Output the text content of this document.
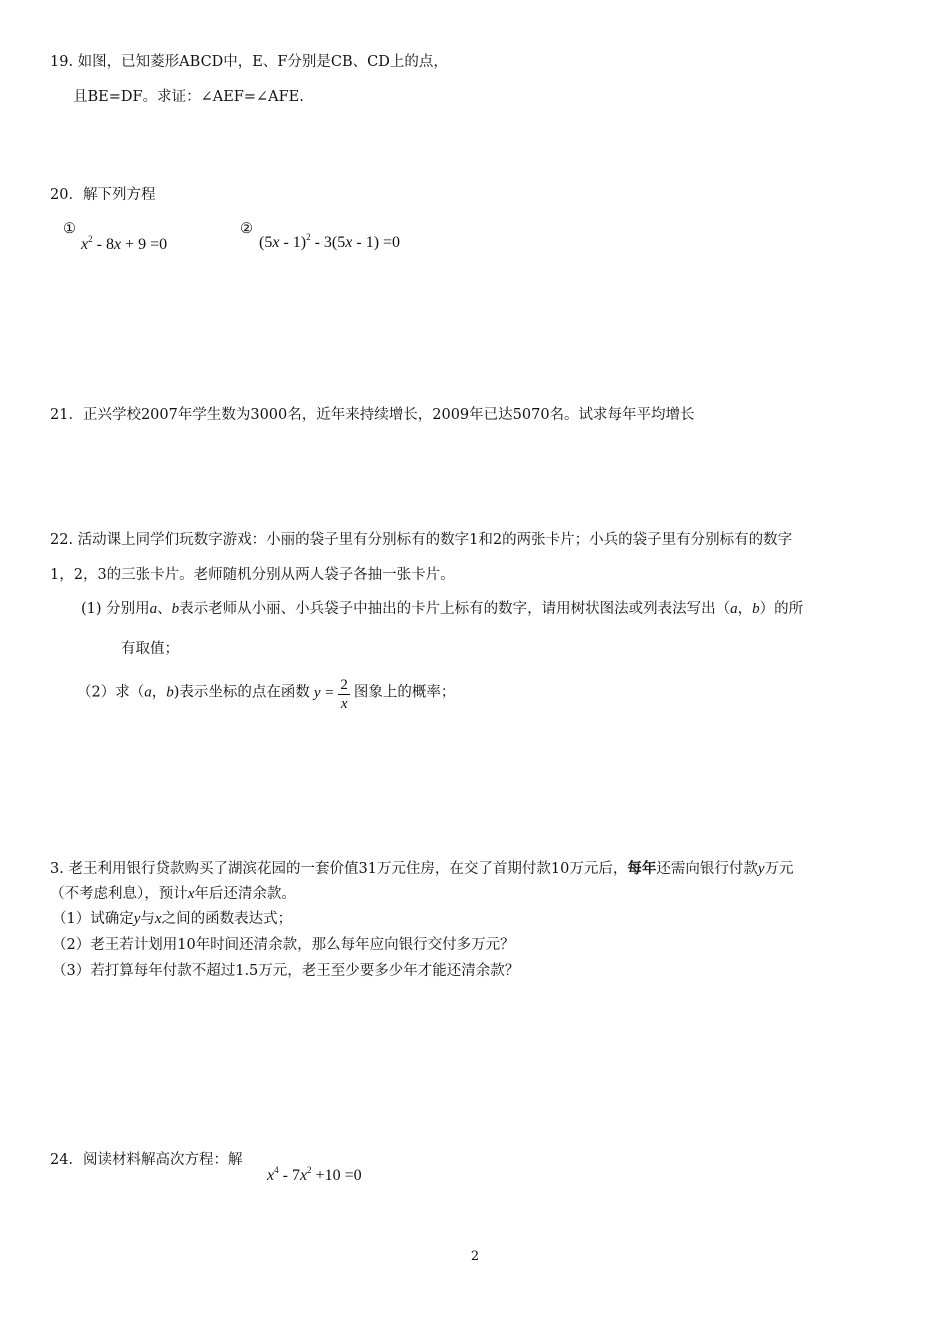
19. 如图，已知菱形ABCD中，E、F分别是CB、CD上的点，
且BE=DF。求证：∠AEF=∠AFE.
20．解下列方程
①
$x^2 - 8x + 9 =0$
②
(5x - 1)$^2$ - 3(5x - 1) =0
21．正兴学校2007年学生数为3000名，近年来持续增长，2009年已达5070名。试求每年平均增长
22. 活动课上同学们玩数字游戏：小丽的袋子里有分别标有的数字1和2的两张卡片；小兵的袋子里有分别标有的数字
1，2，3的三张卡片。老师随机分别从两人袋子各抽一张卡片。
(1) 分别用a、b表示老师从小丽、小兵袋子中抽出的卡片上标有的数字，请用树状图法或列表法写出（a，b）的所
有取值；
（2）求（a，b)表示坐标的点在函数 $y = \frac{2}{x}$ 图象上的概率；
3. 老王利用银行贷款购买了湖滨花园的一套价值31万元住房，在交了首期付款10万元后，每年还需向银行付款y万元
（不考虑利息），预计x年后还清余款。
（1）试确定y与x之间的函数表达式；
（2）老王若计划用10年时间还清余款，那么每年应向银行交付多万元？
（3）若打算每年付款不超过1.5万元，老王至少要多少年才能还清余款？
24．阅读材料解高次方程：解
$x^4 - 7x^2 +10 =0$
2
